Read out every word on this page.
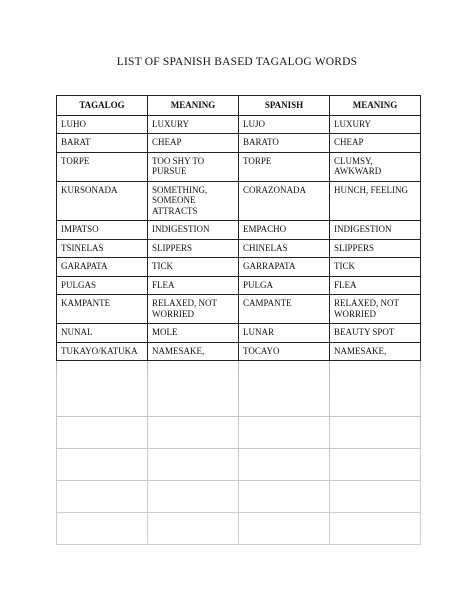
LIST OF SPANISH BASED TAGALOG WORDS
TAGALOG	MEANING	SPANISH	MEANING
LUHO	LUXURY	LUJO	LUXURY
BARAT	CHEAP	BARATO	CHEAP
TORPE	TOO SHY TO PURSUE	TORPE	CLUMSY, AWKWARD
KURSONADA	SOMETHING, SOMEONE ATTRACTS	CORAZONADA	HUNCH, FEELING
IMPATSO	INDIGESTION	EMPACHO	INDIGESTION
TSINELAS	SLIPPERS	CHINELAS	SLIPPERS
GARAPATA	TICK	GARRAPATA	TICK
PULGAS	FLEA	PULGA	FLEA
KAMPANTE	RELAXED, NOT WORRIED	CAMPANTE	RELAXED, NOT WORRIED
NUNAL	MOLE	LUNAR	BEAUTY SPOT
TUKAYO/KATUKA	NAMESAKE,	TOCAYO	NAMESAKE,
